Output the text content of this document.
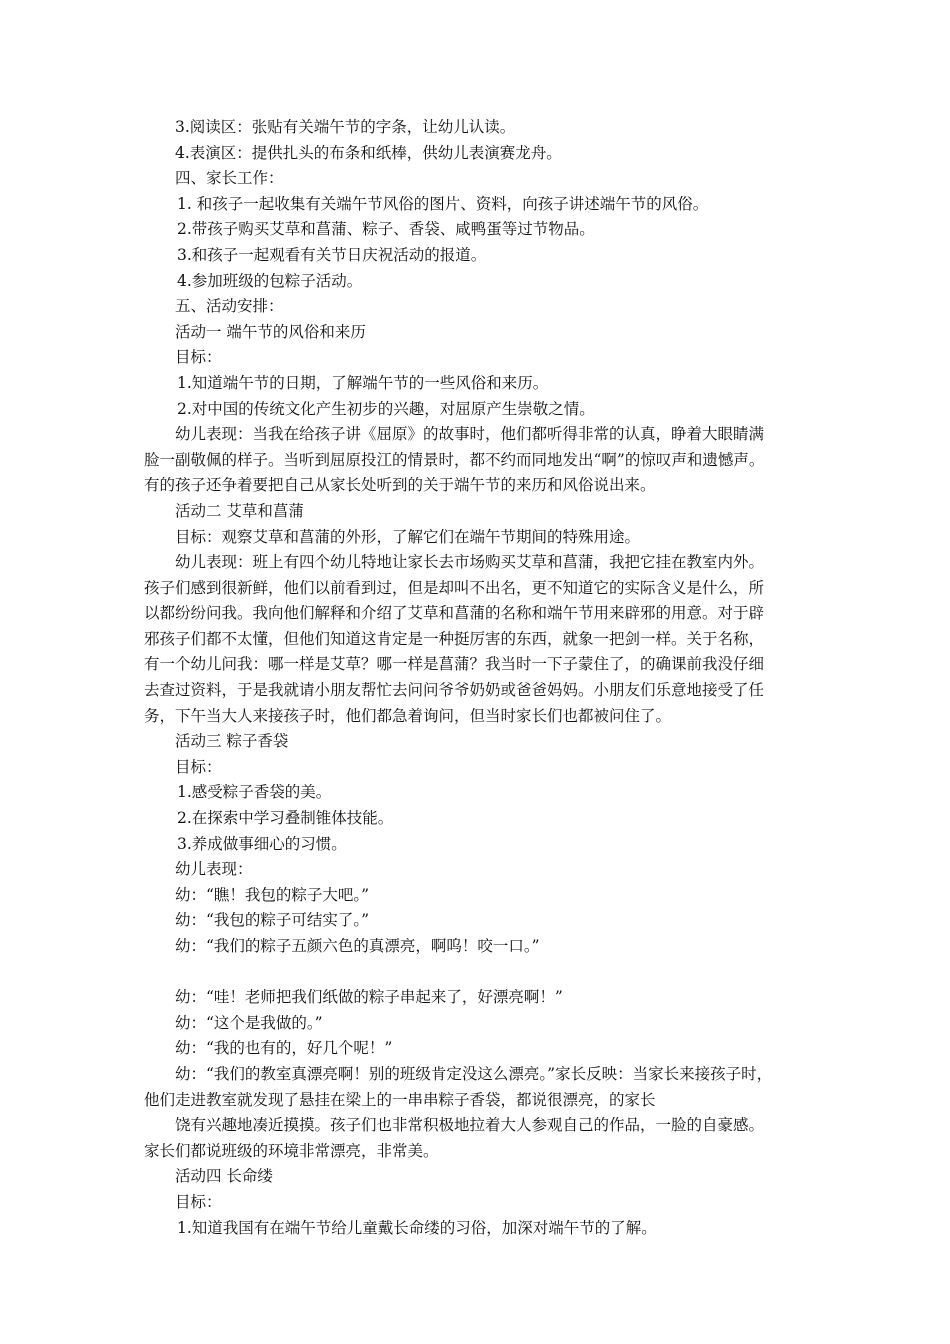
3.阅读区：张贴有关端午节的字条，让幼儿认读。
4.表演区：提供扎头的布条和纸棒，供幼儿表演赛龙舟。
四、家长工作：
1. 和孩子一起收集有关端午节风俗的图片、资料，向孩子讲述端午节的风俗。
2.带孩子购买艾草和菖蒲、粽子、香袋、咸鸭蛋等过节物品。
3.和孩子一起观看有关节日庆祝活动的报道。
4.参加班级的包粽子活动。
五、活动安排：
活动一 端午节的风俗和来历
目标：
1.知道端午节的日期，了解端午节的一些风俗和来历。
2.对中国的传统文化产生初步的兴趣，对屈原产生崇敬之情。
幼儿表现：当我在给孩子讲《屈原》的故事时，他们都听得非常的认真，睁着大眼睛满
脸一副敬佩的样子。当听到屈原投江的情景时，都不约而同地发出“啊”的惊叹声和遗憾声。
有的孩子还争着要把自己从家长处听到的关于端午节的来历和风俗说出来。
活动二 艾草和菖蒲
目标：观察艾草和菖蒲的外形，了解它们在端午节期间的特殊用途。
幼儿表现：班上有四个幼儿特地让家长去市场购买艾草和菖蒲，我把它挂在教室内外。
孩子们感到很新鲜，他们以前看到过，但是却叫不出名，更不知道它的实际含义是什么，所
以都纷纷问我。我向他们解释和介绍了艾草和菖蒲的名称和端午节用来辟邪的用意。对于辟
邪孩子们都不太懂，但他们知道这肯定是一种挺厉害的东西，就象一把剑一样。关于名称，
有一个幼儿问我：哪一样是艾草？哪一样是菖蒲？我当时一下子蒙住了，的确课前我没仔细
去查过资料，于是我就请小朋友帮忙去问问爷爷奶奶或爸爸妈妈。小朋友们乐意地接受了任
务，下午当大人来接孩子时，他们都急着询问，但当时家长们也都被问住了。
活动三 粽子香袋
目标：
1.感受粽子香袋的美。
2.在探索中学习叠制锥体技能。
3.养成做事细心的习惯。
幼儿表现：
幼：“瞧！我包的粽子大吧。”
幼：“我包的粽子可结实了。”
幼：“我们的粽子五颜六色的真漂亮，啊呜！咬一口。”
幼：“哇！老师把我们纸做的粽子串起来了，好漂亮啊！”
幼：“这个是我做的。”
幼：“我的也有的，好几个呢！”
幼：“我们的教室真漂亮啊！别的班级肯定没这么漂亮。”家长反映：当家长来接孩子时，
他们走进教室就发现了悬挂在梁上的一串串粽子香袋，都说很漂亮，的家长
饶有兴趣地凑近摸摸。孩子们也非常积极地拉着大人参观自己的作品，一脸的自豪感。
家长们都说班级的环境非常漂亮，非常美。
活动四 长命缕
目标：
1.知道我国有在端午节给儿童戴长命缕的习俗，加深对端午节的了解。
